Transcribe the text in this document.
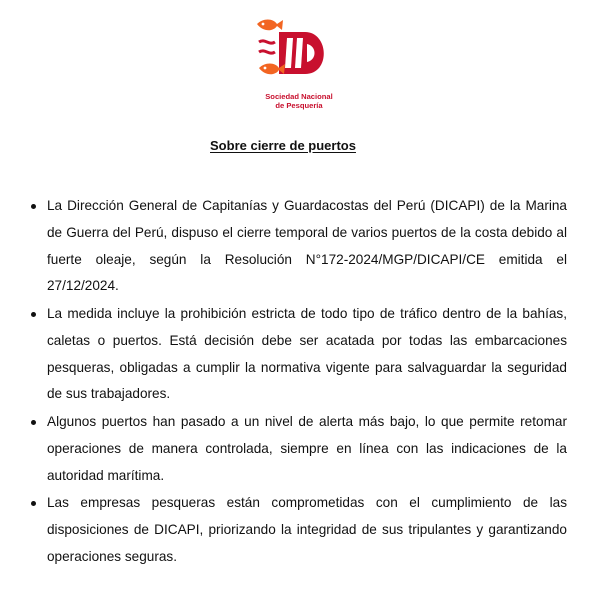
Sociedad Nacional
de Pesquería
Sobre cierre de puertos
La Dirección General de Capitanías y Guardacostas del Perú (DICAPI) de la Marina de Guerra del Perú, dispuso el cierre temporal de varios puertos de la costa debido al fuerte oleaje, según la Resolución N°172-2024/MGP/DICAPI/CE emitida el 27/12/2024.
La medida incluye la prohibición estricta de todo tipo de tráfico dentro de la bahías, caletas o puertos. Está decisión debe ser acatada por todas las embarcaciones pesqueras, obligadas a cumplir la normativa vigente para salvaguardar la seguridad de sus trabajadores.
Algunos puertos han pasado a un nivel de alerta más bajo, lo que permite retomar operaciones de manera controlada, siempre en línea con las indicaciones de la autoridad marítima.
Las empresas pesqueras están comprometidas con el cumplimiento de las disposiciones de DICAPI, priorizando la integridad de sus tripulantes y garantizando operaciones seguras.
